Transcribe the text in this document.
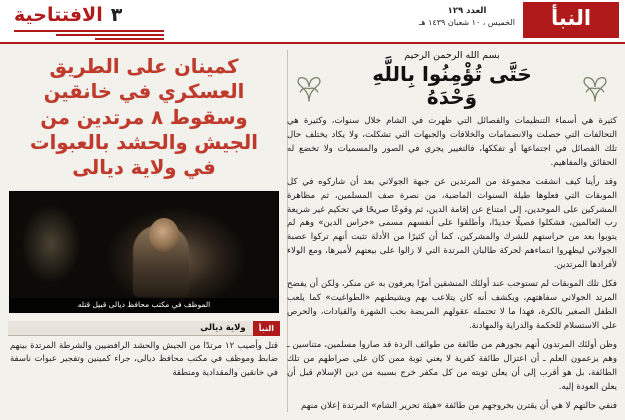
النبأ
العدد ١٢٩
الخميس ، ١٠ شعبان ١٤٣٩ هـ
٣
الافتتاحية
بسم الله الرحمن الرحيم
حَتَّى تُؤْمِنُوا بِاللَّهِ
وَحْدَهُ

كثيرة هي أسماء التنظيمات والفصائل التي ظهرت في الشام خلال سنوات، وكثيرة هي التحالفات التي حصلت والانضمامات والخلافات والجبهات التي تشكلت، ولا يكاد يختلف حال تلك الفصائل في اجتماعها أو تفككها، فالتغيير يجري في الصور والمسميات ولا تخضع له الحقائق والمفاهيم.

وقد رأينا كيف انشقت مجموعة من المرتدين عن جبهة الجولاني بعد أن شاركوه في كل الموبقات التي فعلوها طيلة السنوات الماضية، من نصرة صف المسلمين، ثم مظاهرة المشركين على الموحدين، إلى امتناع عن إقامة الدين، ثم وقوعًا صريحًا في تحكيم غير شريعة رب العالمين، فشكلوا فصيلًا جديدًا، وأطلقوا على أنفسهم مسمى «حراس الدين» وهم لم يتوبوا بعد من حراستهم للشرك والمشركين، كما أن كثيرًا من الأدلة تثبت أنهم تركوا عصبة الجولاني ليظهروا انتماءهم لحركة طالبان المرتدة التي لا زالوا على بيعتهم لأميرها، ومع الولاء لأفرادها المرتدين.

فكل تلك الموبقات لم تستوجب عند أولئك المنشقين أمرًا يعرفون به عن منكر، ولكن أن يفضح المرتد الجولاني سفاهتهم، ويكشف أنه كان يتلاعب بهم ويشيطنهم «الطواغيت» كما يلعب الطفل الصغير بالكرة، فهذا ما لا تحتمله عقولهم المريضة بحب الشهرة والقيادات، والحرص على الاستسلام للحكمة والدراية والمهادنة.

وظن أولئك المرتدون أنهم بجورهم من طائفة من طوائف الردة قد صاروا مسلمين، متناسين ـ وهم يزعمون العلم ـ أن اعتزال طائفة كفرية لا يعني توبة ممن كان على صراطهم من تلك الطائفة، بل هو أقرب إلى أن يعلن توبته من كل مكفر خرج بسببه من دين الإسلام قبل أن يعلن العودة إليه.

فنفي حالتهم لا هي أن يقترن بخروجهم من طائفة «هيئة تحرير الشام» المرتدة إعلان منهم

كمينان على الطريق العسكري في خانقين وسقوط ٨ مرتدين من الجيش والحشد بالعبوات في ولاية ديالى
الموظف في مكتب محافظ ديالى قبيل قتله
النبأ
ولاية ديالى

قتل وأصيب ١٢ مرتدًا من الجيش والحشد الرافضيين والشرطة المرتدة بينهم ضابط وموظف في مكتب محافظ ديالى، جراء كمينين وتفجير عبوات ناسفة في خانقين والمقدادية ومنطقة
